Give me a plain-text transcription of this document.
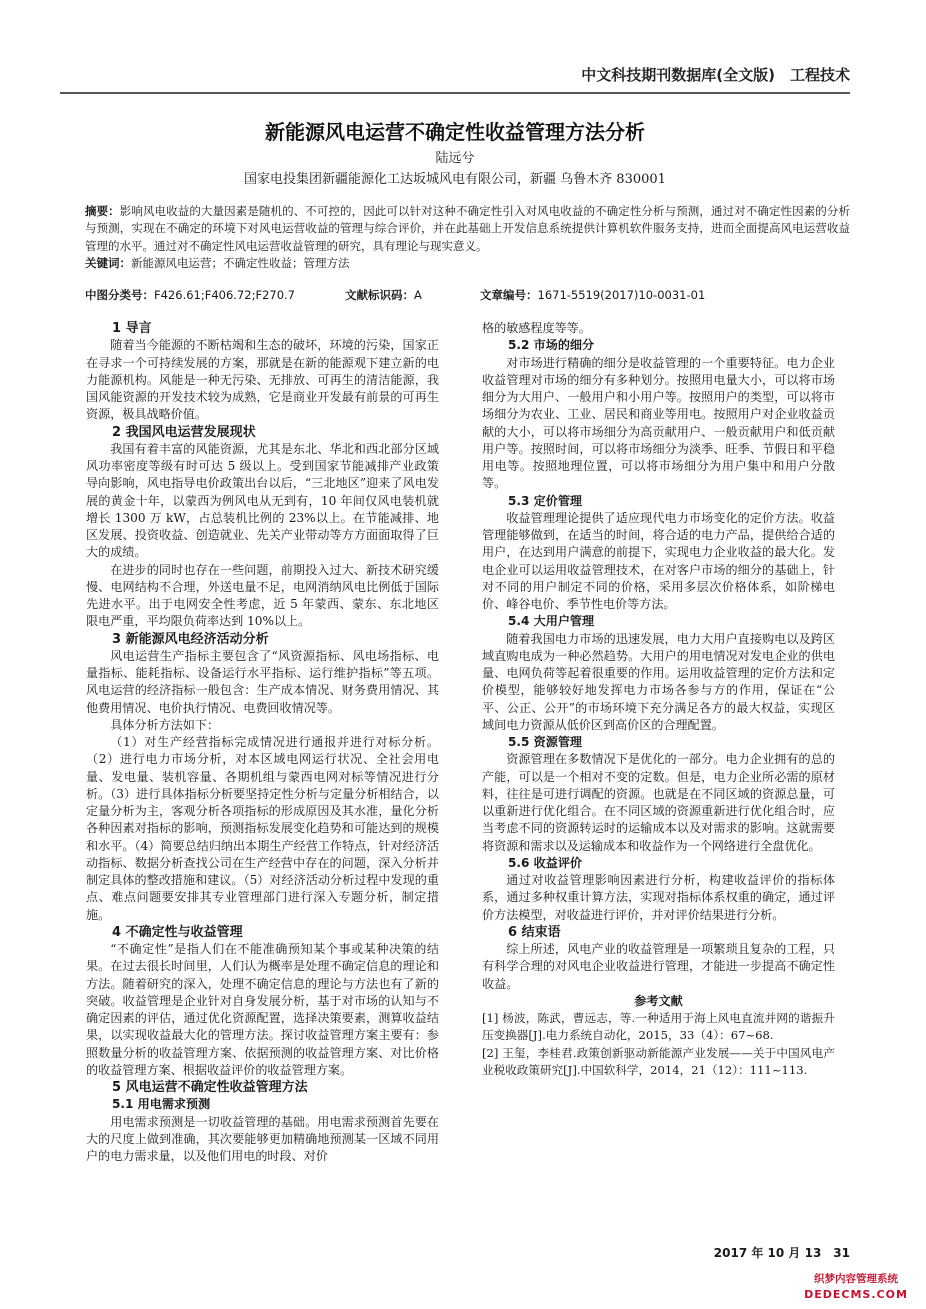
中文科技期刊数据库(全文版)　工程技术
新能源风电运营不确定性收益管理方法分析
陆远兮
国家电投集团新疆能源化工达坂城风电有限公司，新疆 乌鲁木齐 830001
摘要：影响风电收益的大量因素是随机的、不可控的，因此可以针对这种不确定性引入对风电收益的不确定性分析与预测，通过对不确定性因素的分析与预测，实现在不确定的环境下对风电运营收益的管理与综合评价，并在此基础上开发信息系统提供计算机软件服务支持，进而全面提高风电运营收益管理的水平。通过对不确定性风电运营收益管理的研究，具有理论与现实意义。
关键词：新能源风电运营；不确定性收益；管理方法
中图分类号：F426.61;F406.72;F270.7	文献标识码：A	文章编号：1671-5519(2017)10-0031-01
1 导言

随着当今能源的不断枯竭和生态的破坏，环境的污染，国家正在寻求一个可持续发展的方案，那就是在新的能源观下建立新的电力能源机构。风能是一种无污染、无排放、可再生的清洁能源，我国风能资源的开发技术较为成熟，它是商业开发最有前景的可再生资源，极具战略价值。

2 我国风电运营发展现状

我国有着丰富的风能资源，尤其是东北、华北和西北部分区域风功率密度等级有时可达 5 级以上。受到国家节能减排产业政策导向影响，风电指导电价政策出台以后，“三北地区”迎来了风电发展的黄金十年，以蒙西为例风电从无到有，10 年间仅风电装机就增长 1300 万 kW，占总装机比例的 23%以上。在节能减排、地区发展、投资收益、创造就业、先关产业带动等方方面面取得了巨大的成绩。

在进步的同时也存在一些问题，前期投入过大、新技术研究缓慢、电网结构不合理，外送电量不足，电网消纳风电比例低于国际先进水平。出于电网安全性考虑，近 5 年蒙西、蒙东、东北地区限电严重，平均限负荷率达到 10%以上。

3 新能源风电经济活动分析

风电运营生产指标主要包含了“风资源指标、风电场指标、电量指标、能耗指标、设备运行水平指标、运行维护指标”等五项。风电运营的经济指标一般包含：生产成本情况、财务费用情况、其他费用情况、电价执行情况、电费回收情况等。

具体分析方法如下：

（1）对生产经营指标完成情况进行通报并进行对标分析。（2）进行电力市场分析，对本区域电网运行状况、全社会用电量、发电量、装机容量、各期机组与蒙西电网对标等情况进行分析。（3）进行具体指标分析要坚持定性分析与定量分析相结合，以定量分析为主，客观分析各项指标的形成原因及其水准，量化分析各种因素对指标的影响，预测指标发展变化趋势和可能达到的规模和水平。（4）简要总结归纳出本期生产经营工作特点，针对经济活动指标、数据分析查找公司在生产经营中存在的问题，深入分析并制定具体的整改措施和建议。（5）对经济活动分析过程中发现的重点、难点问题要安排其专业管理部门进行深入专题分析，制定措施。

4 不确定性与收益管理

“不确定性”是指人们在不能准确预知某个事或某种决策的结果。在过去很长时间里，人们认为概率是处理不确定信息的理论和方法。随着研究的深入，处理不确定信息的理论与方法也有了新的突破。收益管理是企业针对自身发展分析，基于对市场的认知与不确定因素的评估，通过优化资源配置，选择决策要素，测算收益结果，以实现收益最大化的管理方法。探讨收益管理方案主要有：参照数量分析的收益管理方案、依据预测的收益管理方案、对比价格的收益管理方案、根据收益评价的收益管理方案。

5 风电运营不确定性收益管理方法
5.1 用电需求预测

用电需求预测是一切收益管理的基础。用电需求预测首先要在大的尺度上做到准确，其次要能够更加精确地预测某一区域不同用户的电力需求量，以及他们用电的时段、对价

格的敏感程度等等。

5.2 市场的细分

对市场进行精确的细分是收益管理的一个重要特征。电力企业收益管理对市场的细分有多种划分。按照用电量大小，可以将市场细分为大用户、一般用户和小用户等。按照用户的类型，可以将市场细分为农业、工业、居民和商业等用电。按照用户对企业收益贡献的大小，可以将市场细分为高贡献用户、一般贡献用户和低贡献用户等。按照时间，可以将市场细分为淡季、旺季、节假日和平稳用电等。按照地理位置，可以将市场细分为用户集中和用户分散等。

5.3 定价管理

收益管理理论提供了适应现代电力市场变化的定价方法。收益管理能够做到，在适当的时间，将合适的电力产品，提供给合适的用户，在达到用户满意的前提下，实现电力企业收益的最大化。发电企业可以运用收益管理技术，在对客户市场的细分的基础上，针对不同的用户制定不同的价格，采用多层次价格体系，如阶梯电价、峰谷电价、季节性电价等方法。

5.4 大用户管理

随着我国电力市场的迅速发展，电力大用户直接购电以及跨区域直购电成为一种必然趋势。大用户的用电情况对发电企业的供电量、电网负荷等起着很重要的作用。运用收益管理的定价方法和定价模型，能够较好地发挥电力市场各参与方的作用，保证在“公平、公正、公开”的市场环境下充分满足各方的最大权益，实现区域间电力资源从低价区到高价区的合理配置。

5.5 资源管理

资源管理在多数情况下是优化的一部分。电力企业拥有的总的产能，可以是一个相对不变的定数。但是，电力企业所必需的原材料，往往是可进行调配的资源。也就是在不同区域的资源总量，可以重新进行优化组合。在不同区域的资源重新进行优化组合时，应当考虑不同的资源转运时的运输成本以及对需求的影响。这就需要将资源和需求以及运输成本和收益作为一个网络进行全盘优化。

5.6 收益评价

通过对收益管理影响因素进行分析，构建收益评价的指标体系，通过多种权重计算方法，实现对指标体系权重的确定，通过评价方法模型，对收益进行评价，并对评价结果进行分析。

6 结束语

综上所述，风电产业的收益管理是一项繁琐且复杂的工程，只有科学合理的对风电企业收益进行管理，才能进一步提高不确定性收益。

参考文献

[1] 杨波，陈武，曹远志，等.一种适用于海上风电直流并网的谐振升压变换器[J].电力系统自动化，2015，33（4）：67~68.

[2] 王玺，李桂君.政策创新驱动新能源产业发展——关于中国风电产业税收政策研究[J].中国软科学，2014，21（12）：111~113.

2017 年 10 月 13　31
织梦内容管理系统
DEDECMS.COM
